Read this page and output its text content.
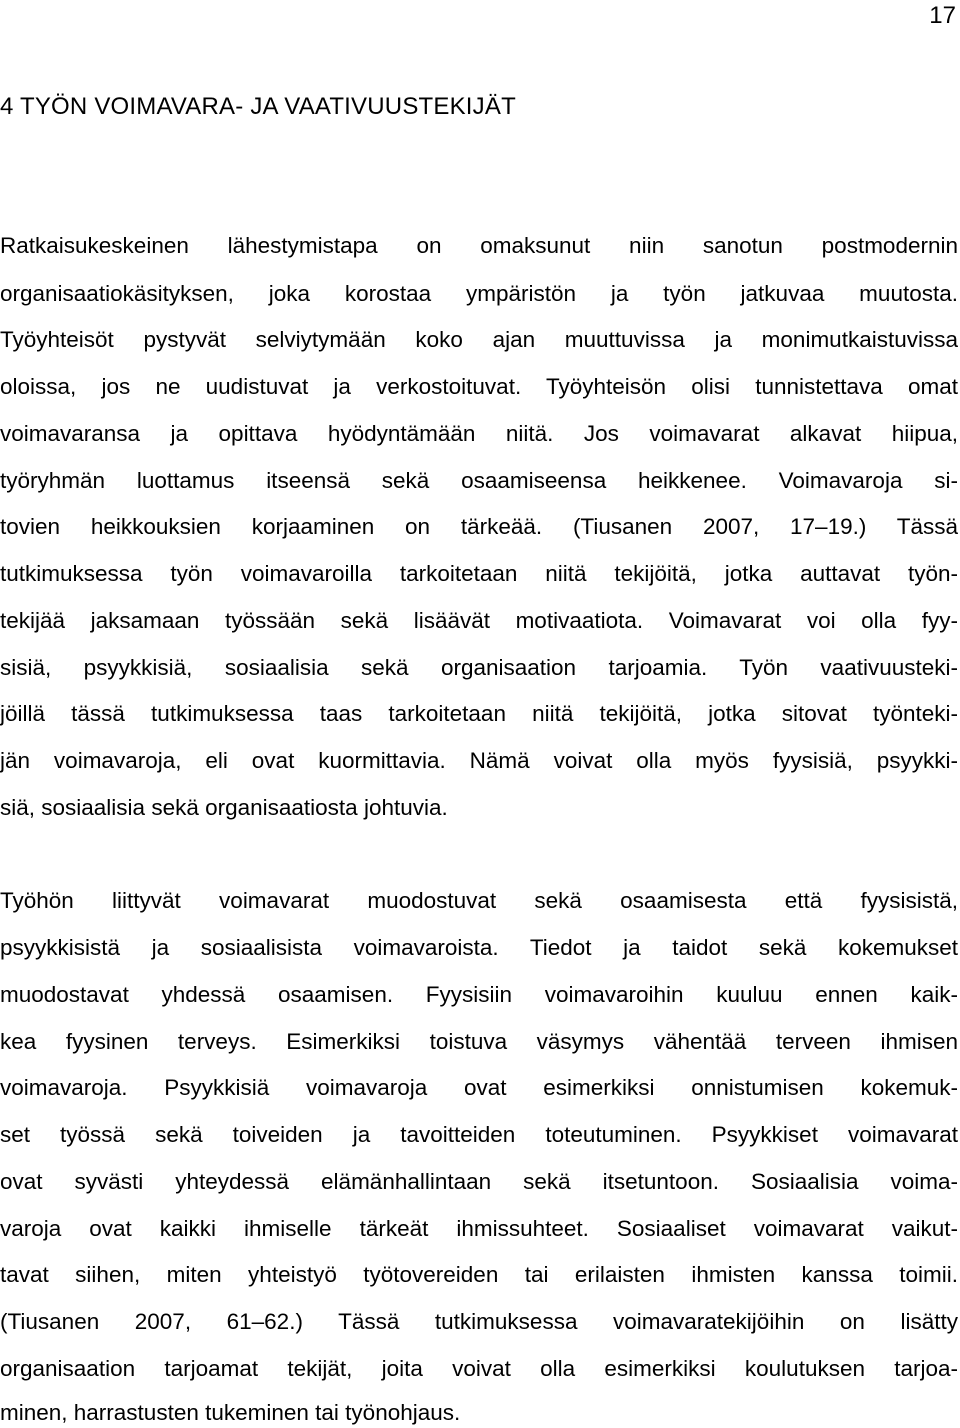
17
4 TYÖN VOIMAVARA- JA VAATIVUUSTEKIJÄT
Ratkaisukeskeinen lähestymistapa on omaksunut niin sanotun postmodernin
organisaatiokäsityksen, joka korostaa ympäristön ja työn jatkuvaa muutosta.
Työyhteisöt pystyvät selviytymään koko ajan muuttuvissa ja monimutkaistuvissa
oloissa, jos ne uudistuvat ja verkostoituvat. Työyhteisön olisi tunnistettava omat
voimavaransa ja opittava hyödyntämään niitä. Jos voimavarat alkavat hiipua,
työryhmän luottamus itseensä sekä osaamiseensa heikkenee. Voimavaroja si-
tovien heikkouksien korjaaminen on tärkeää. (Tiusanen 2007, 17–19.) Tässä
tutkimuksessa työn voimavaroilla tarkoitetaan niitä tekijöitä, jotka auttavat työn-
tekijää jaksamaan työssään sekä lisäävät motivaatiota. Voimavarat voi olla fyy-
sisiä, psyykkisiä, sosiaalisia sekä organisaation tarjoamia. Työn vaativuusteki-
jöillä tässä tutkimuksessa taas tarkoitetaan niitä tekijöitä, jotka sitovat työnteki-
jän voimavaroja, eli ovat kuormittavia. Nämä voivat olla myös fyysisiä, psyykki-
siä, sosiaalisia sekä organisaatiosta johtuvia.
Työhön liittyvät voimavarat muodostuvat sekä osaamisesta että fyysisistä,
psyykkisistä ja sosiaalisista voimavaroista. Tiedot ja taidot sekä kokemukset
muodostavat yhdessä osaamisen. Fyysisiin voimavaroihin kuuluu ennen kaik-
kea fyysinen terveys. Esimerkiksi toistuva väsymys vähentää terveen ihmisen
voimavaroja. Psyykkisiä voimavaroja ovat esimerkiksi onnistumisen kokemuk-
set työssä sekä toiveiden ja tavoitteiden toteutuminen. Psyykkiset voimavarat
ovat syvästi yhteydessä elämänhallintaan sekä itsetuntoon. Sosiaalisia voima-
varoja ovat kaikki ihmiselle tärkeät ihmissuhteet. Sosiaaliset voimavarat vaikut-
tavat siihen, miten yhteistyö työtovereiden tai erilaisten ihmisten kanssa toimii.
(Tiusanen 2007, 61–62.) Tässä tutkimuksessa voimavaratekijöihin on lisätty
organisaation tarjoamat tekijät, joita voivat olla esimerkiksi koulutuksen tarjoa-
minen, harrastusten tukeminen tai työnohjaus.
